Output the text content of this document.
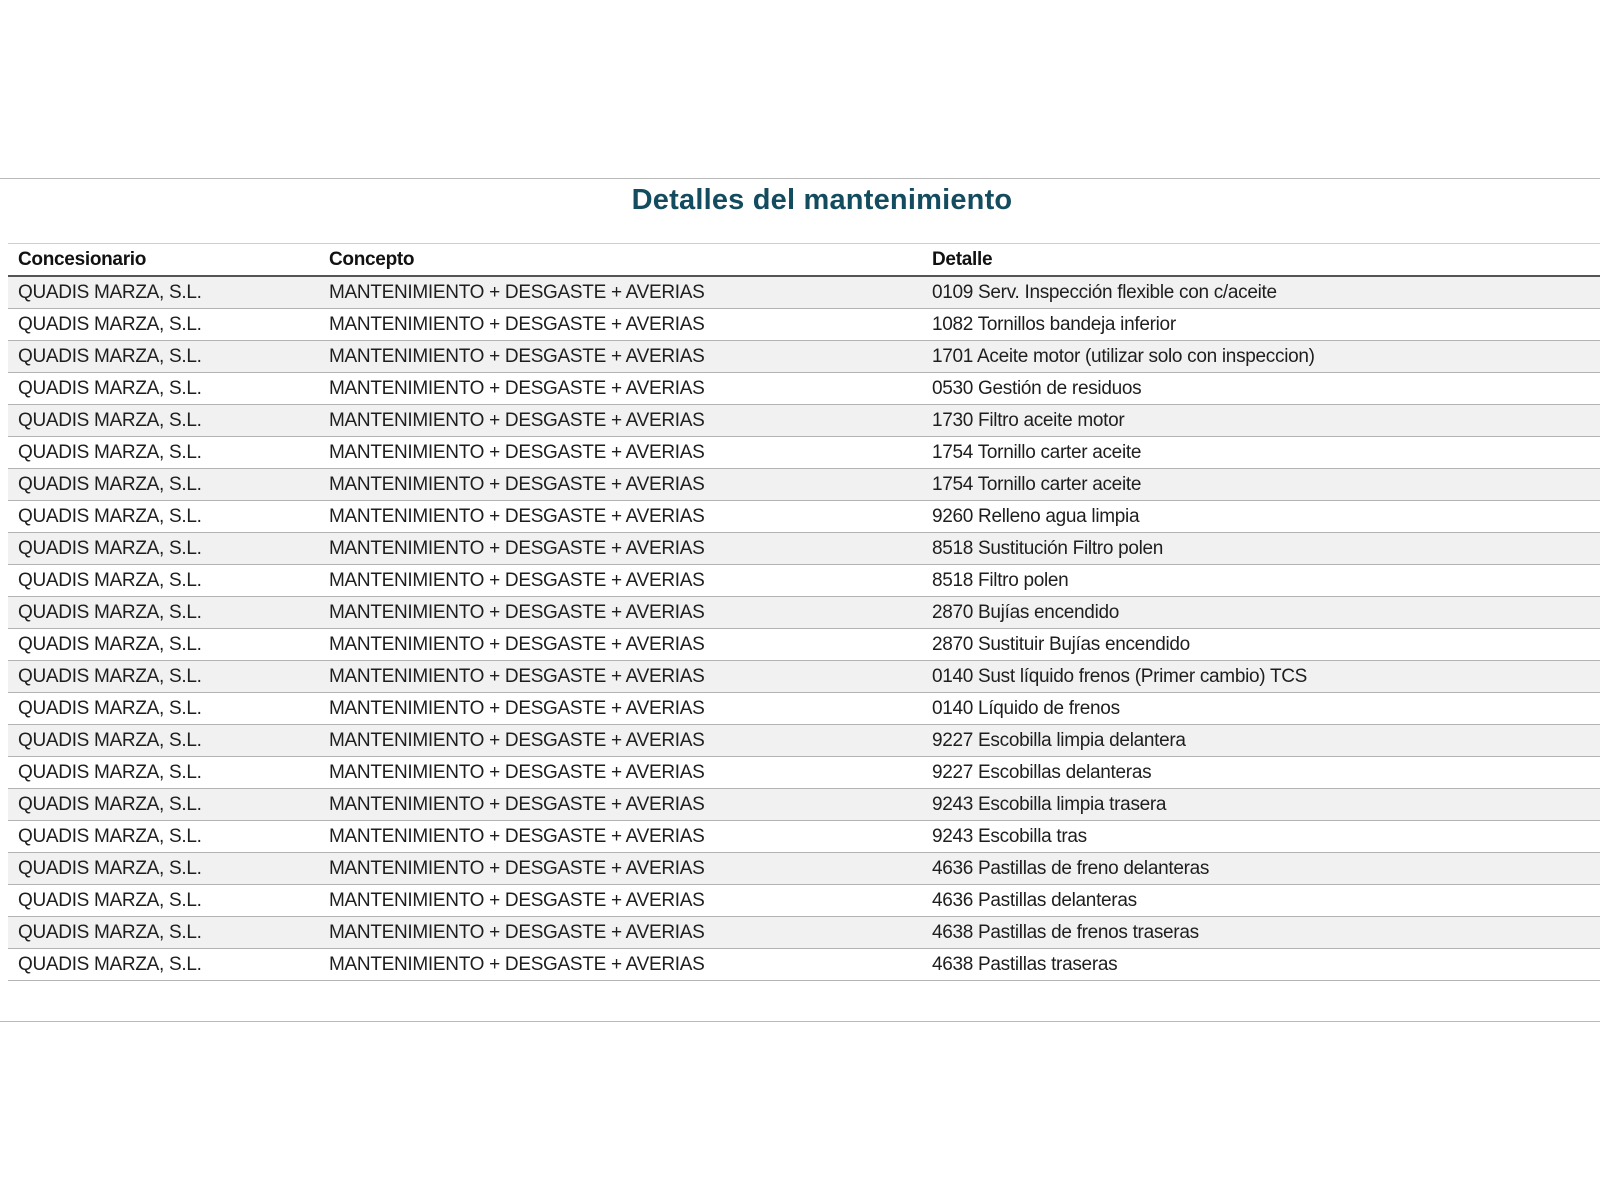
Detalles del mantenimiento
Concesionario	Concepto	Detalle
QUADIS MARZA, S.L.	MANTENIMIENTO + DESGASTE + AVERIAS	0109 Serv. Inspección flexible con c/aceite
QUADIS MARZA, S.L.	MANTENIMIENTO + DESGASTE + AVERIAS	1082 Tornillos bandeja inferior
QUADIS MARZA, S.L.	MANTENIMIENTO + DESGASTE + AVERIAS	1701 Aceite motor (utilizar solo con inspeccion)
QUADIS MARZA, S.L.	MANTENIMIENTO + DESGASTE + AVERIAS	0530 Gestión de residuos
QUADIS MARZA, S.L.	MANTENIMIENTO + DESGASTE + AVERIAS	1730 Filtro aceite motor
QUADIS MARZA, S.L.	MANTENIMIENTO + DESGASTE + AVERIAS	1754 Tornillo carter aceite
QUADIS MARZA, S.L.	MANTENIMIENTO + DESGASTE + AVERIAS	1754 Tornillo carter aceite
QUADIS MARZA, S.L.	MANTENIMIENTO + DESGASTE + AVERIAS	9260 Relleno agua limpia
QUADIS MARZA, S.L.	MANTENIMIENTO + DESGASTE + AVERIAS	8518 Sustitución Filtro polen
QUADIS MARZA, S.L.	MANTENIMIENTO + DESGASTE + AVERIAS	8518 Filtro polen
QUADIS MARZA, S.L.	MANTENIMIENTO + DESGASTE + AVERIAS	2870 Bujías encendido
QUADIS MARZA, S.L.	MANTENIMIENTO + DESGASTE + AVERIAS	2870 Sustituir Bujías encendido
QUADIS MARZA, S.L.	MANTENIMIENTO + DESGASTE + AVERIAS	0140 Sust líquido frenos (Primer cambio) TCS
QUADIS MARZA, S.L.	MANTENIMIENTO + DESGASTE + AVERIAS	0140 Líquido de frenos
QUADIS MARZA, S.L.	MANTENIMIENTO + DESGASTE + AVERIAS	9227 Escobilla limpia delantera
QUADIS MARZA, S.L.	MANTENIMIENTO + DESGASTE + AVERIAS	9227 Escobillas delanteras
QUADIS MARZA, S.L.	MANTENIMIENTO + DESGASTE + AVERIAS	9243 Escobilla limpia trasera
QUADIS MARZA, S.L.	MANTENIMIENTO + DESGASTE + AVERIAS	9243 Escobilla tras
QUADIS MARZA, S.L.	MANTENIMIENTO + DESGASTE + AVERIAS	4636 Pastillas de freno delanteras
QUADIS MARZA, S.L.	MANTENIMIENTO + DESGASTE + AVERIAS	4636 Pastillas delanteras
QUADIS MARZA, S.L.	MANTENIMIENTO + DESGASTE + AVERIAS	4638 Pastillas de frenos traseras
QUADIS MARZA, S.L.	MANTENIMIENTO + DESGASTE + AVERIAS	4638 Pastillas traseras
